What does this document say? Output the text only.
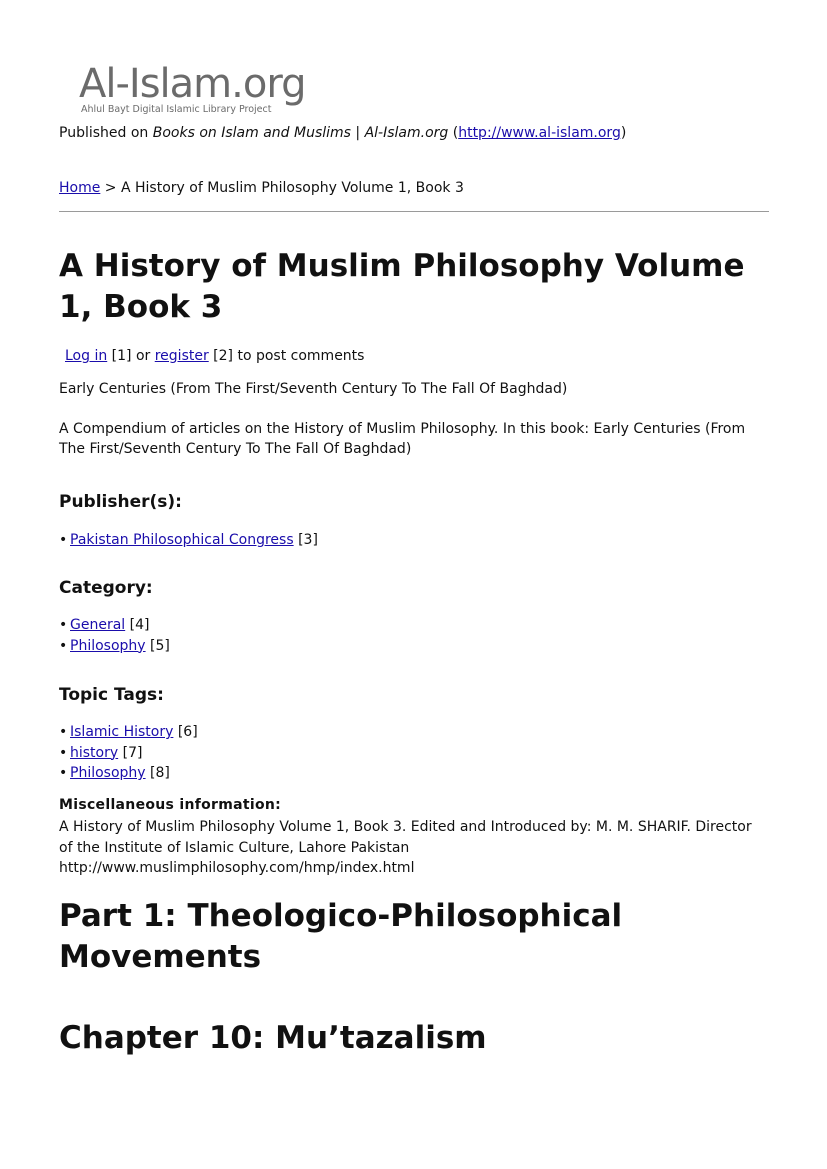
Al-Islam.org
Ahlul Bayt Digital Islamic Library Project
Published on Books on Islam and Muslims | Al-Islam.org (http://www.al-islam.org)
Home > A History of Muslim Philosophy Volume 1, Book 3
A History of Muslim Philosophy Volume 1, Book 3
Log in [1] or register [2] to post comments
Early Centuries (From The First/Seventh Century To The Fall Of Baghdad)
A Compendium of articles on the History of Muslim Philosophy. In this book: Early Centuries (From The First/Seventh Century To The Fall Of Baghdad)
Publisher(s):
• Pakistan Philosophical Congress [3]
Category:
• General [4]
• Philosophy [5]
Topic Tags:
• Islamic History [6]
• history [7]
• Philosophy [8]
Miscellaneous information:
A History of Muslim Philosophy Volume 1, Book 3. Edited and Introduced by: M. M. SHARIF. Director of the Institute of Islamic Culture, Lahore Pakistan
http://www.muslimphilosophy.com/hmp/index.html
Part 1: Theologico-Philosophical Movements
Chapter 10: Mu’tazalism
